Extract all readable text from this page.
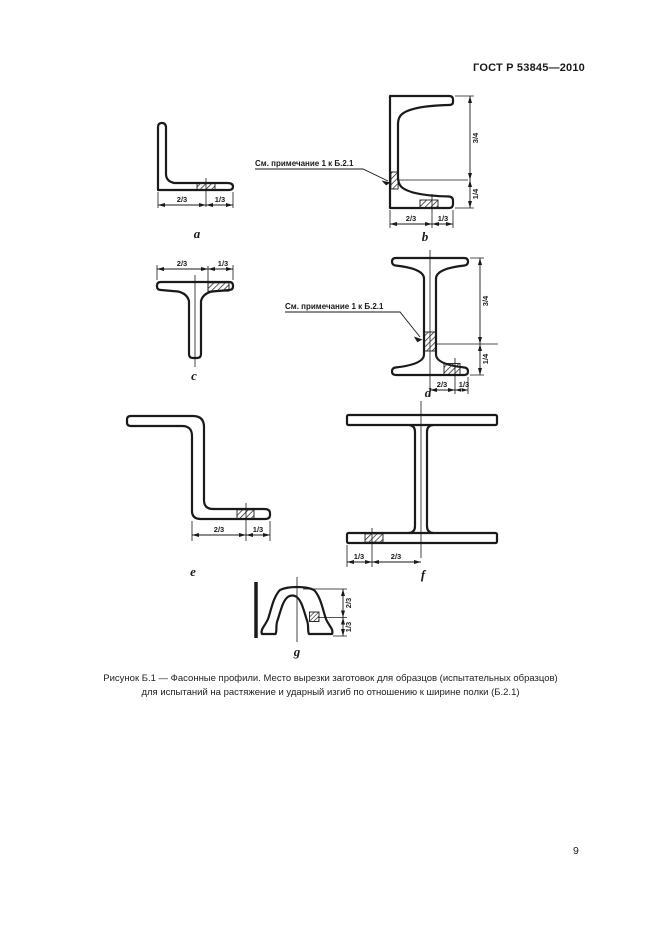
ГОСТ Р 53845—2010
2/3	1/3
a
3/4
1/4
2/3	1/3
См. примечание 1 к Б.2.1
b
2/3	1/3
c
3/4
1/4
2/3 1/3
См. примечание 1 к Б.2.1
d
2/3	1/3
e
1/3	2/3
f
2/3
1/3
g
Рисунок Б.1 — Фасонные профили. Место вырезки заготовок для образцов (испытательных образцов)
для испытаний на растяжение и ударный изгиб по отношению к ширине полки (Б.2.1)
9
